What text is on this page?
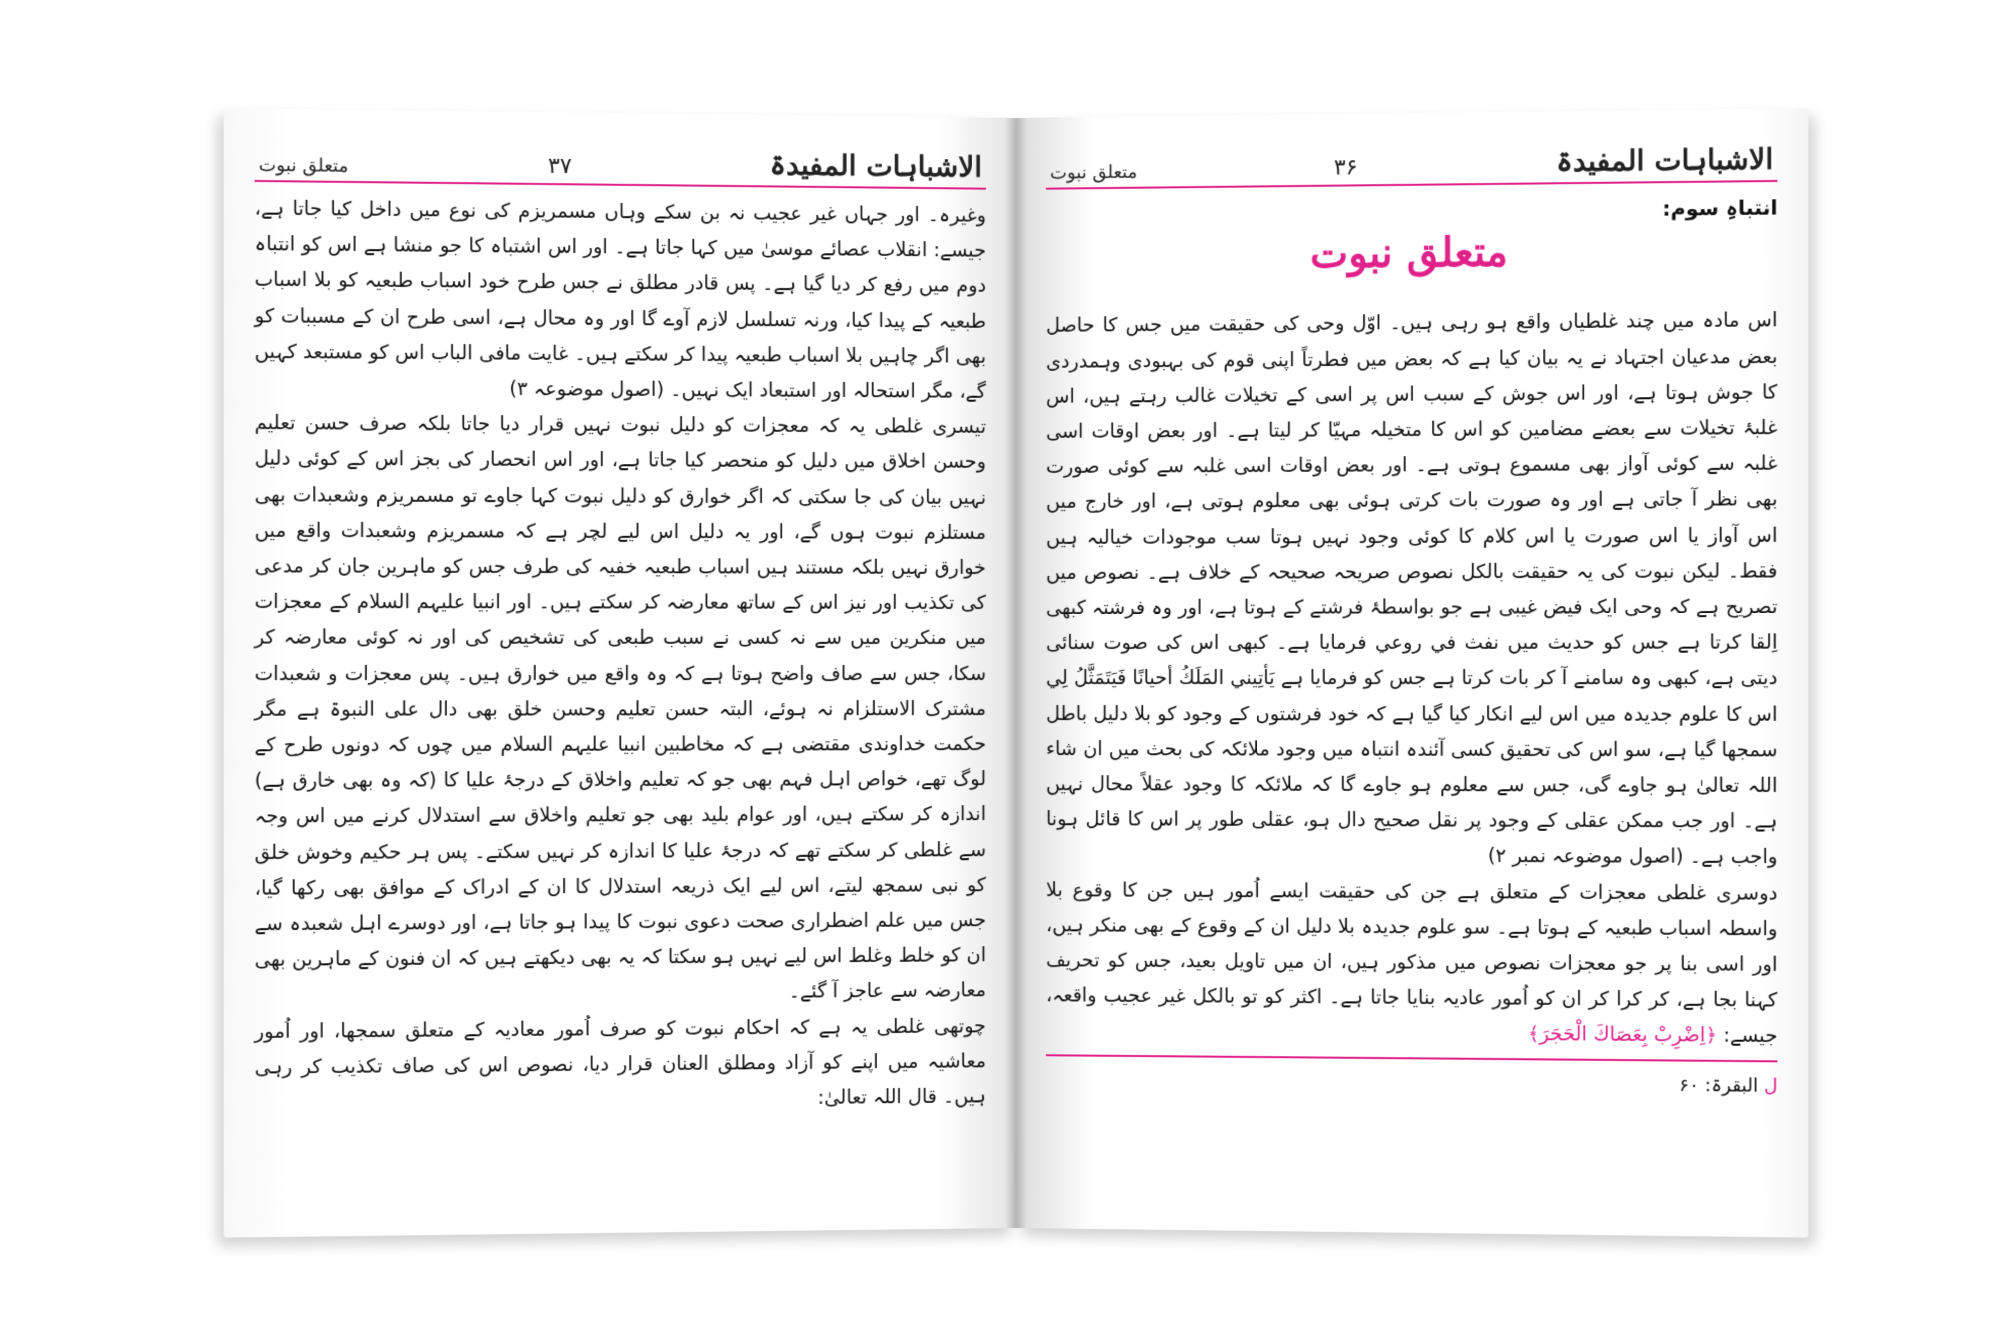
الاشباہات المفیدۃ
۳۷
متعلق نبوت

وغیرہ۔ اور جہاں غیر عجیب نہ بن سکے وہاں مسمریزم کی نوع میں داخل کیا جاتا ہے، جیسے: انقلاب عصائے موسیٰ میں کہا جاتا ہے۔ اور اس اشتباہ کا جو منشا ہے اس کو انتباہ دوم میں رفع کر دیا گیا ہے۔ پس قادر مطلق نے جس طرح خود اسباب طبعیہ کو بلا اسباب طبعیہ کے پیدا کیا، ورنہ تسلسل لازم آوے گا اور وہ محال ہے، اسی طرح ان کے مسببات کو بھی اگر چاہیں بلا اسباب طبعیہ پیدا کر سکتے ہیں۔ غایت مافی الباب اس کو مستبعد کہیں گے، مگر استحالہ اور استبعاد ایک نہیں۔ (اصول موضوعہ ۳)

تیسری غلطی یہ کہ معجزات کو دلیل نبوت نہیں قرار دیا جاتا بلکہ صرف حسن تعلیم وحسن اخلاق میں دلیل کو منحصر کیا جاتا ہے، اور اس انحصار کی بجز اس کے کوئی دلیل نہیں بیان کی جا سکتی کہ اگر خوارق کو دلیل نبوت کہا جاوے تو مسمریزم وشعبدات بھی مستلزم نبوت ہوں گے، اور یہ دلیل اس لیے لچر ہے کہ مسمریزم وشعبدات واقع میں خوارق نہیں بلکہ مستند ہیں اسباب طبعیہ خفیہ کی طرف جس کو ماہرین جان کر مدعی کی تکذیب اور نیز اس کے ساتھ معارضہ کر سکتے ہیں۔ اور انبیا علیہم السلام کے معجزات میں منکرین میں سے نہ کسی نے سبب طبعی کی تشخیص کی اور نہ کوئی معارضہ کر سکا، جس سے صاف واضح ہوتا ہے کہ وہ واقع میں خوارق ہیں۔ پس معجزات و شعبدات مشترک الاستلزام نہ ہوئے، البتہ حسن تعلیم وحسن خلق بھی دال علی النبوۃ ہے مگر حکمت خداوندی مقتضی ہے کہ مخاطبین انبیا علیہم السلام میں چوں کہ دونوں طرح کے لوگ تھے، خواص اہل فہم بھی جو کہ تعلیم واخلاق کے درجۂ علیا کا (کہ وہ بھی خارق ہے) اندازہ کر سکتے ہیں، اور عوام بلید بھی جو تعلیم واخلاق سے استدلال کرنے میں اس وجہ سے غلطی کر سکتے تھے کہ درجۂ علیا کا اندازہ کر نہیں سکتے۔ پس ہر حکیم وخوش خلق کو نبی سمجھ لیتے، اس لیے ایک ذریعہ استدلال کا ان کے ادراک کے موافق بھی رکھا گیا، جس میں علم اضطراری صحت دعوی نبوت کا پیدا ہو جاتا ہے، اور دوسرے اہل شعبدہ سے ان کو خلط وغلط اس لیے نہیں ہو سکتا کہ یہ بھی دیکھتے ہیں کہ ان فنون کے ماہرین بھی معارضہ سے عاجز آ گئے۔

چوتھی غلطی یہ ہے کہ احکام نبوت کو صرف اُمور معادیہ کے متعلق سمجھا، اور اُمور معاشیہ میں اپنے کو آزاد ومطلق العنان قرار دیا، نصوص اس کی صاف تکذیب کر رہی ہیں۔ قال اللہ تعالیٰ:

الاشباہات المفیدۃ
۳۶
متعلق نبوت
انتباہِ سوم:
متعلق نبوت

اس مادہ میں چند غلطیاں واقع ہو رہی ہیں۔ اوّل وحی کی حقیقت میں جس کا حاصل بعض مدعیان اجتہاد نے یہ بیان کیا ہے کہ بعض میں فطرتاً اپنی قوم کی بہبودی وہمدردی کا جوش ہوتا ہے، اور اس جوش کے سبب اس پر اسی کے تخیلات غالب رہتے ہیں، اس غلبۂ تخیلات سے بعضے مضامین کو اس کا متخیلہ مہیّا کر لیتا ہے۔ اور بعض اوقات اسی غلبہ سے کوئی آواز بھی مسموع ہوتی ہے۔ اور بعض اوقات اسی غلبہ سے کوئی صورت بھی نظر آ جاتی ہے اور وہ صورت بات کرتی ہوئی بھی معلوم ہوتی ہے، اور خارج میں اس آواز یا اس صورت یا اس کلام کا کوئی وجود نہیں ہوتا سب موجودات خیالیہ ہیں فقط۔ لیکن نبوت کی یہ حقیقت بالکل نصوص صریحہ صحیحہ کے خلاف ہے۔ نصوص میں تصریح ہے کہ وحی ایک فیض غیبی ہے جو بواسطۂ فرشتے کے ہوتا ہے، اور وہ فرشتہ کبھی اِلقا کرتا ہے جس کو حدیث میں نفث في روعي فرمایا ہے۔ کبھی اس کی صوت سنائی دیتی ہے، کبھی وہ سامنے آ کر بات کرتا ہے جس کو فرمایا ہے يَأتِيني المَلَكُ أحيانًا فَيَتَمَثَّلُ لِي اس کا علوم جدیدہ میں اس لیے انکار کیا گیا ہے کہ خود فرشتوں کے وجود کو بلا دلیل باطل سمجھا گیا ہے، سو اس کی تحقیق کسی آئندہ انتباہ میں وجود ملائکہ کی بحث میں ان شاء اللہ تعالیٰ ہو جاوے گی، جس سے معلوم ہو جاوے گا کہ ملائکہ کا وجود عقلاً محال نہیں ہے۔ اور جب ممکن عقلی کے وجود پر نقل صحیح دال ہو، عقلی طور پر اس کا قائل ہونا واجب ہے۔ (اصول موضوعہ نمبر ۲)

دوسری غلطی معجزات کے متعلق ہے جن کی حقیقت ایسے اُمور ہیں جن کا وقوع بلا واسطہ اسباب طبعیہ کے ہوتا ہے۔ سو علوم جدیدہ بلا دلیل ان کے وقوع کے بھی منکر ہیں، اور اسی بنا پر جو معجزات نصوص میں مذکور ہیں، ان میں تاویل بعید، جس کو تحریف کہنا بجا ہے، کر کرا کر ان کو اُمور عادیہ بنایا جاتا ہے۔ اکثر کو تو بالکل غیر عجیب واقعہ، جیسے: ﴿اِضْرِبْ بِعَصَاكَ الْحَجَرَ﴾

ل البقرۃ: ۶۰
